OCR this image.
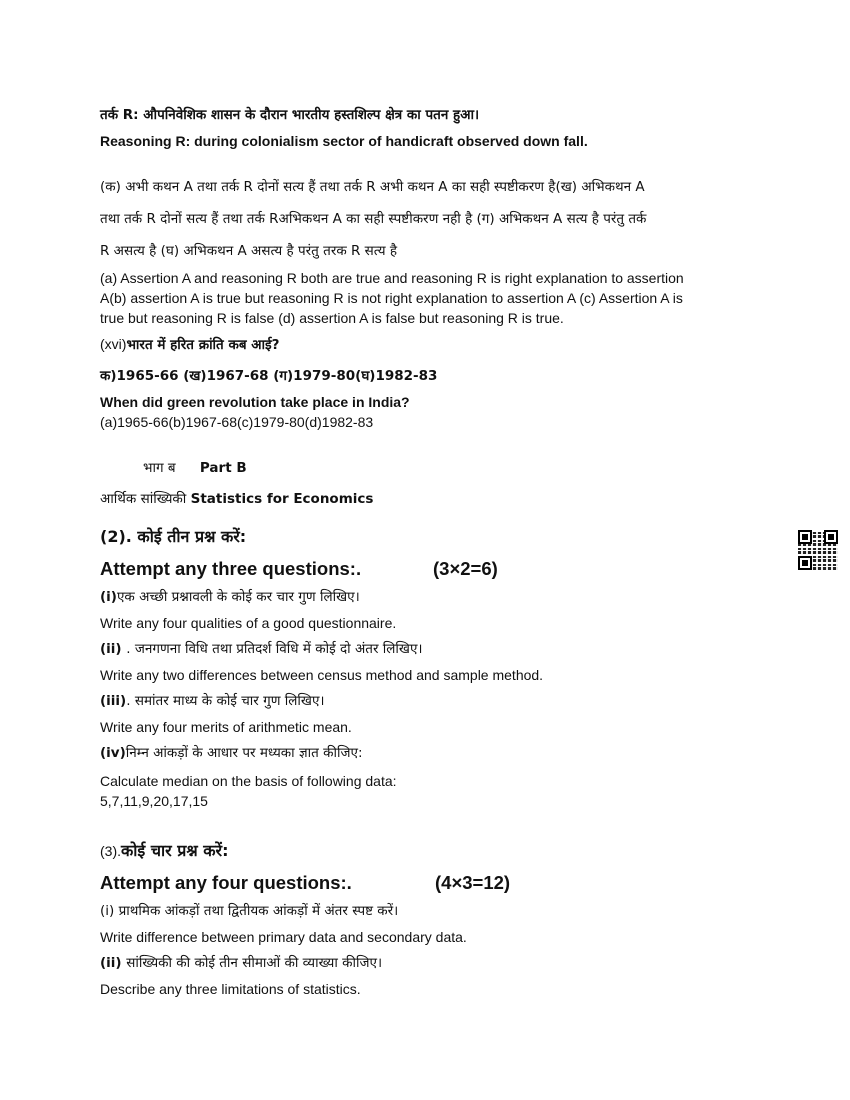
तर्क R: औपनिवेशिक शासन के दौरान भारतीय हस्तशिल्प क्षेत्र का पतन हुआ।
Reasoning R: during colonialism sector of handicraft observed down fall.
(क) अभी कथन A तथा तर्क R दोनों सत्य हैं तथा तर्क R अभी कथन A का सही स्पष्टीकरण है(ख) अभिकथन A
तथा तर्क R दोनों सत्य हैं तथा तर्क Rअभिकथन A का सही स्पष्टीकरण नही है (ग) अभिकथन A सत्य है परंतु तर्क
R असत्य है (घ) अभिकथन A असत्य है परंतु तरक R सत्य है
(a) Assertion A and reasoning R both are true and reasoning R is right explanation to assertion
A(b) assertion A is true but reasoning R is not right explanation to assertion A (c) Assertion A is
true but reasoning R is false (d) assertion A is false but reasoning R is true.
(xvi)भारत में हरित क्रांति कब आई?
क)1965-66 (ख)1967-68 (ग)1979-80(घ)1982-83
When did green revolution take place in India?
(a)1965-66(b)1967-68(c)1979-80(d)1982-83
भाग ब Part B
आर्थिक सांख्यिकी Statistics for Economics
(2). कोई तीन प्रश्न करें:
Attempt any three questions:.	(3×2=6)
(i)एक अच्छी प्रश्नावली के कोई कर चार गुण लिखिए।
Write any four qualities of a good questionnaire.
(ii) . जनगणना विधि तथा प्रतिदर्श विधि में कोई दो अंतर लिखिए।
Write any two differences between census method and sample method.
(iii). समांतर माध्य के कोई चार गुण लिखिए।
Write any four merits of arithmetic mean.
(iv)निम्न आंकड़ों के आधार पर मध्यका ज्ञात कीजिए:
Calculate median on the basis of following data:
5,7,11,9,20,17,15
(3).कोई चार प्रश्न करें:
Attempt any four questions:.	(4×3=12)
(i) प्राथमिक आंकड़ों तथा द्वितीयक आंकड़ों में अंतर स्पष्ट करें।
Write difference between primary data and secondary data.
(ii) सांख्यिकी की कोई तीन सीमाओं की व्याख्या कीजिए।
Describe any three limitations of statistics.
